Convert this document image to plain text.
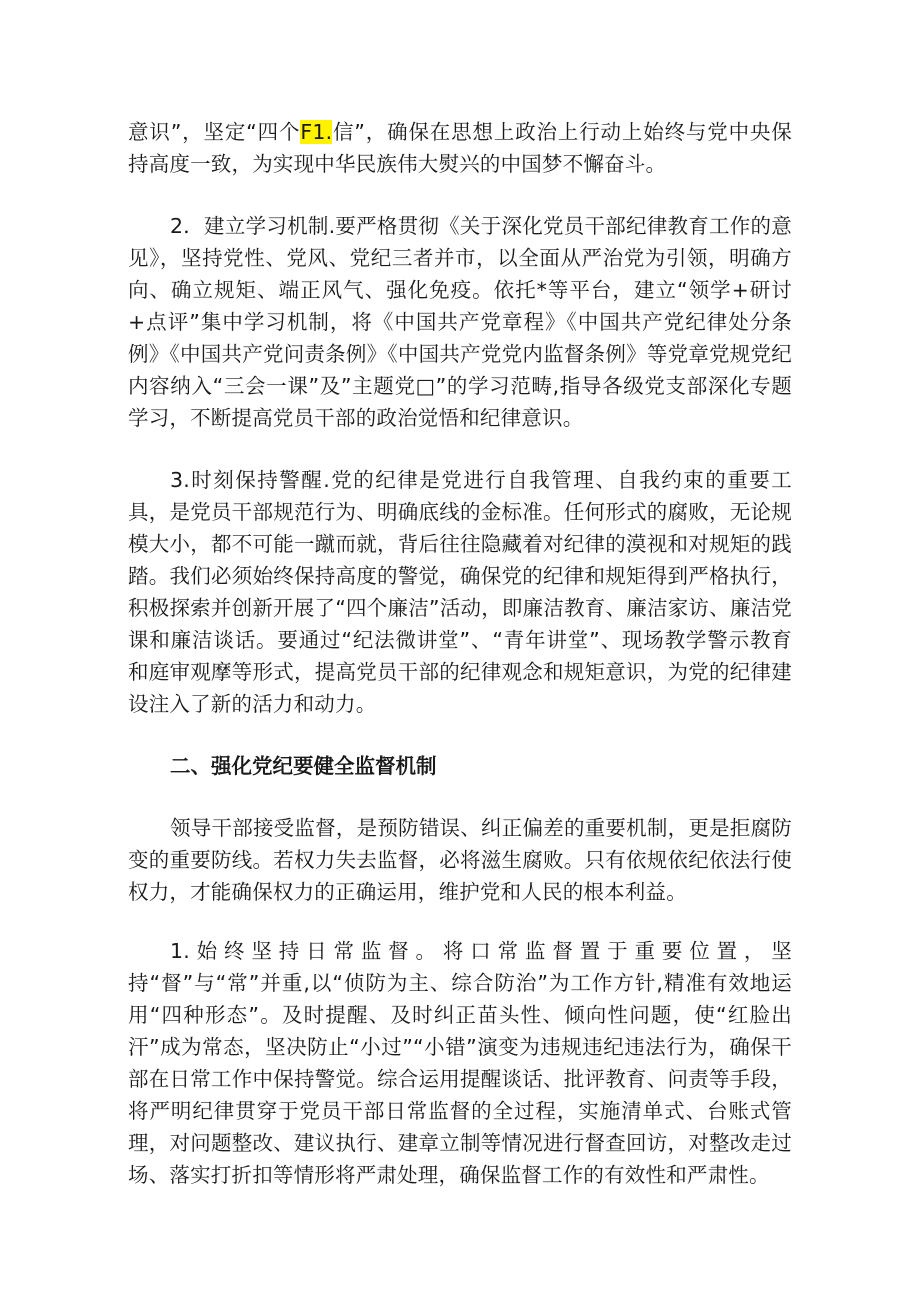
意识”，坚定“四个F1.信”，确保在思想上政治上行动上始终与党中央保持高度一致，为实现中华民族伟大熨兴的中国梦不懈奋斗。

2．建立学习机制.要严格贯彻《关于深化党员干部纪律教育工作的意见》，坚持党性、党风、党纪三者并市，以全面从严治党为引领，明确方向、确立规矩、端正风气、强化免疫。依托*等平台，建立“领学+研讨+点评”集中学习机制，将《中国共产党章程》《中国共产党纪律处分条例》《中国共产党问责条例》《中国共产党党内监督条例》等党章党规党纪内容纳入“三会一课”及”主题党□”的学习范畴,指导各级党支部深化专题学习，不断提高党员干部的政治觉悟和纪律意识。

3.时刻保持警醒.党的纪律是党进行自我管理、自我约束的重要工具，是党员干部规范行为、明确底线的金标准。任何形式的腐败，无论规模大小，都不可能一蹴而就，背后往往隐藏着对纪律的漠视和对规矩的践踏。我们必须始终保持高度的警觉，确保党的纪律和规矩得到严格执行，积极探索并创新开展了“四个廉洁”活动，即廉洁教育、廉洁家访、廉洁党课和廉洁谈话。要通过“纪法微讲堂”、“青年讲堂”、现场教学警示教育和庭审观摩等形式，提高党员干部的纪律观念和规矩意识，为党的纪律建设注入了新的活力和动力。

二、强化党纪要健全监督机制

领导干部接受监督，是预防错误、纠正偏差的重要机制，更是拒腐防变的重要防线。若权力失去监督，必将滋生腐败。只有依规依纪依法行使权力，才能确保权力的正确运用，维护党和人民的根本利益。

1.始终坚持日常监督。将口常监督置于重要位置，坚持“督”与“常”并重,以“侦防为主、综合防治”为工作方针,精准有效地运用“四种形态”。及时提醒、及时纠正苗头性、倾向性问题，使“红脸出汗”成为常态，坚决防止“小过”“小错”演变为违规违纪违法行为，确保干部在日常工作中保持警觉。综合运用提醒谈话、批评教育、问责等手段，将严明纪律贯穿于党员干部日常监督的全过程，实施清单式、台账式管理，对问题整改、建议执行、建章立制等情况进行督查回访，对整改走过场、落实打折扣等情形将严肃处理，确保监督工作的有效性和严肃性。
